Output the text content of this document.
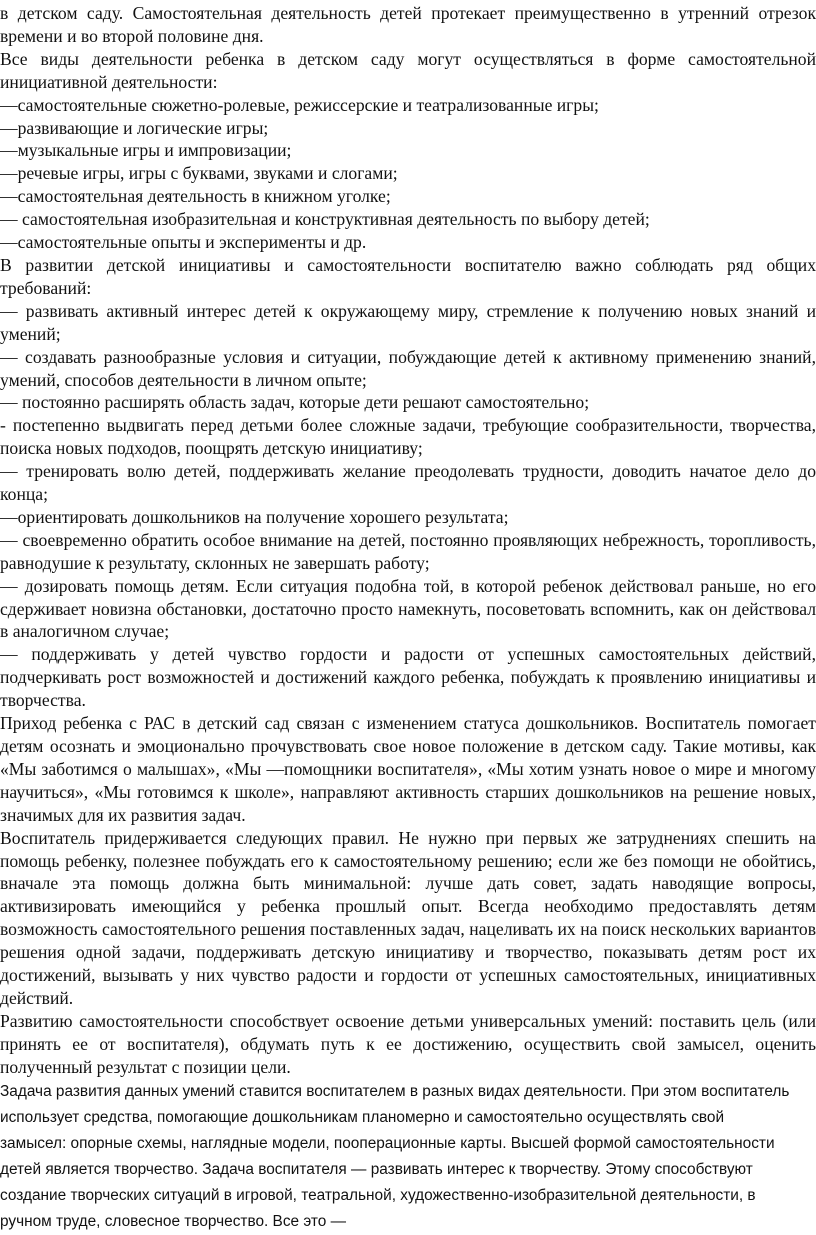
в детском саду. Самостоятельная деятельность детей протекает преимущественно в утренний отрезок времени и во второй половине дня.

Все виды деятельности ребенка в детском саду могут осуществляться в форме самостоятельной инициативной деятельности:

—самостоятельные сюжетно-ролевые, режиссерские и театрализованные игры;

—развивающие и логические игры;

—музыкальные игры и импровизации;

—речевые игры, игры с буквами, звуками и слогами;

—самостоятельная деятельность в книжном уголке;

— самостоятельная изобразительная и конструктивная деятельность по выбору детей;

—самостоятельные опыты и эксперименты и др.

В развитии детской инициативы и самостоятельности воспитателю важно соблюдать ряд общих требований:

— развивать активный интерес детей к окружающему миру, стремление к получению новых знаний и умений;

— создавать разнообразные условия и ситуации, побуждающие детей к активному применению знаний, умений, способов деятельности в личном опыте;

— постоянно расширять область задач, которые дети решают самостоятельно;

- постепенно выдвигать перед детьми более сложные задачи, требующие сообразительности, творчества, поиска новых подходов, поощрять детскую инициативу;

— тренировать волю детей, поддерживать желание преодолевать трудности, доводить начатое дело до конца;

—ориентировать дошкольников на получение хорошего результата;

— своевременно обратить особое внимание на детей, постоянно проявляющих небрежность, торопливость, равнодушие к результату, склонных не завершать работу;

— дозировать помощь детям. Если ситуация подобна той, в которой ребенок действовал раньше, но его сдерживает новизна обстановки, достаточно просто намекнуть, посоветовать вспомнить, как он действовал в аналогичном случае;

— поддерживать у детей чувство гордости и радости от успешных самостоятельных действий, подчеркивать рост возможностей и достижений каждого ребенка, побуждать к проявлению инициативы и творчества.

Приход ребенка с РАС в детский сад связан с изменением статуса дошкольников. Воспитатель помогает детям осознать и эмоционально прочувствовать свое новое положение в детском саду. Такие мотивы, как «Мы заботимся о малышах», «Мы —помощники воспитателя», «Мы хотим узнать новое о мире и многому научиться», «Мы готовимся к школе», направляют активность старших дошкольников на решение новых, значимых для их развития задач.

Воспитатель придерживается следующих правил. Не нужно при первых же затруднениях спешить на помощь ребенку, полезнее побуждать его к самостоятельному решению; если же без помощи не обойтись, вначале эта помощь должна быть минимальной: лучше дать совет, задать наводящие вопросы, активизировать имеющийся у ребенка прошлый опыт. Всегда необходимо предоставлять детям возможность самостоятельного решения поставленных задач, нацеливать их на поиск нескольких вариантов решения одной задачи, поддерживать детскую инициативу и творчество, показывать детям рост их достижений, вызывать у них чувство радости и гордости от успешных самостоятельных, инициативных действий.

Развитию самостоятельности способствует освоение детьми универсальных умений: поставить цель (или принять ее от воспитателя), обдумать путь к ее достижению, осуществить свой замысел, оценить полученный результат с позиции цели.

Задача развития данных умений ставится воспитателем в разных видах деятельности. При этом воспитатель
использует средства, помогающие дошкольникам планомерно и самостоятельно осуществлять свой
замысел: опорные схемы, наглядные модели, пооперационные карты. Высшей формой самостоятельности
детей является творчество. Задача воспитателя — развивать интерес к творчеству. Этому способствуют
создание творческих ситуаций в игровой, театральной, художественно-изобразительной деятельности, в
ручном труде, словесное творчество. Все это —
